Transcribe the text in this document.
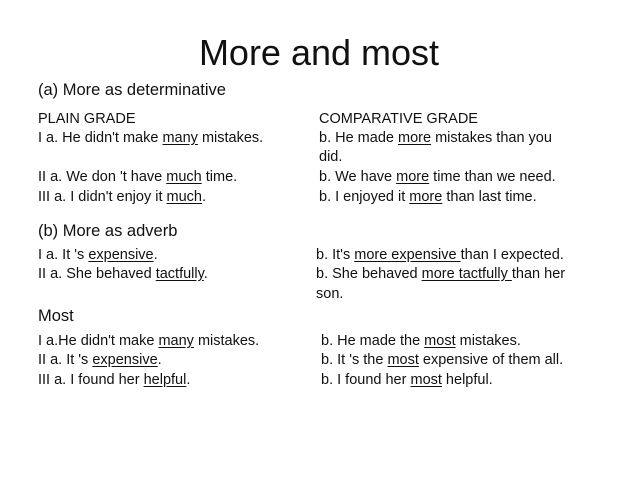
More and most
(a) More as determinative
PLAIN GRADE	COMPARATIVE GRADE
I a. He didn't make many mistakes.
II a. We don 't have much time.
III a. I didn't enjoy it much.
b. He made more mistakes than you
did.
b. We have more time than we need.
b. I enjoyed it more than last time.
(b) More as adverb
I a. It 's expensive.
II a. She behaved tactfully.
b. It's more expensive than I expected.
b. She behaved more tactfully than her
son.
Most
I a.He didn't make many mistakes.
II a. It 's expensive.
III a. I found her helpful.
b. He made the most mistakes.
b. It 's the most expensive of them all.
b. I found her most helpful.
